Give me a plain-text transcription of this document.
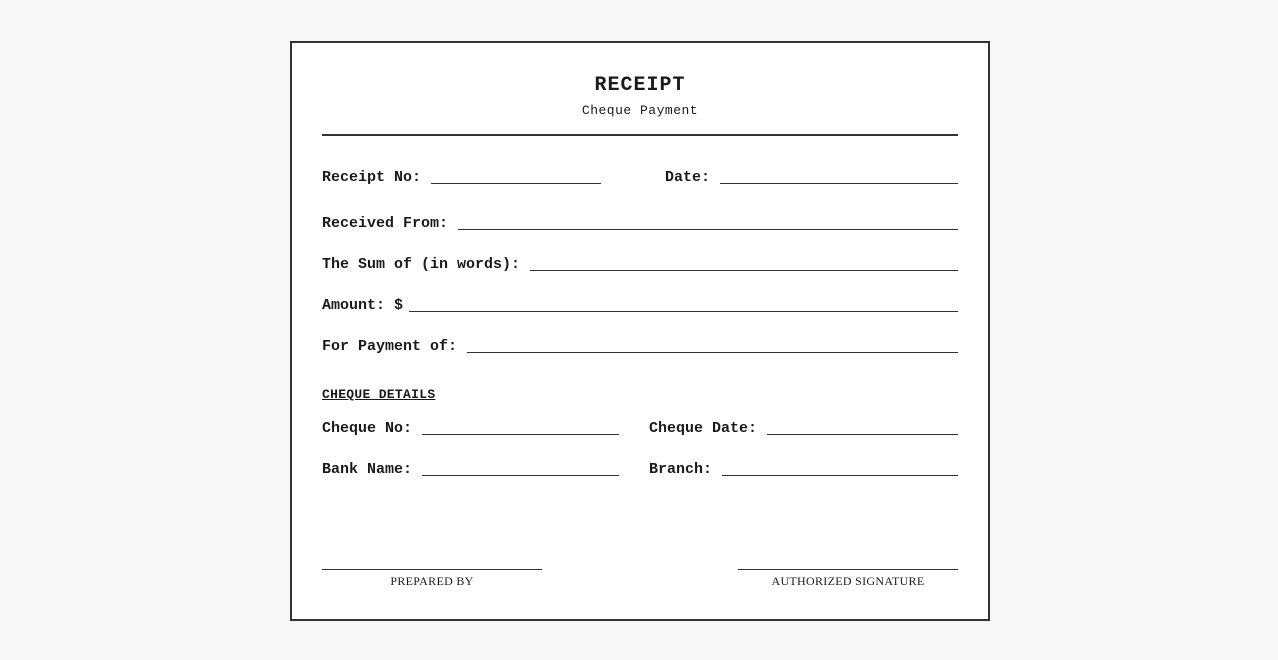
RECEIPT
Cheque Payment
Receipt No:	Date:
Received From:
The Sum of (in words):
Amount: $
For Payment of:
CHEQUE DETAILS
Cheque No:	Cheque Date:
Bank Name:	Branch:
PREPARED BY	AUTHORIZED SIGNATURE
